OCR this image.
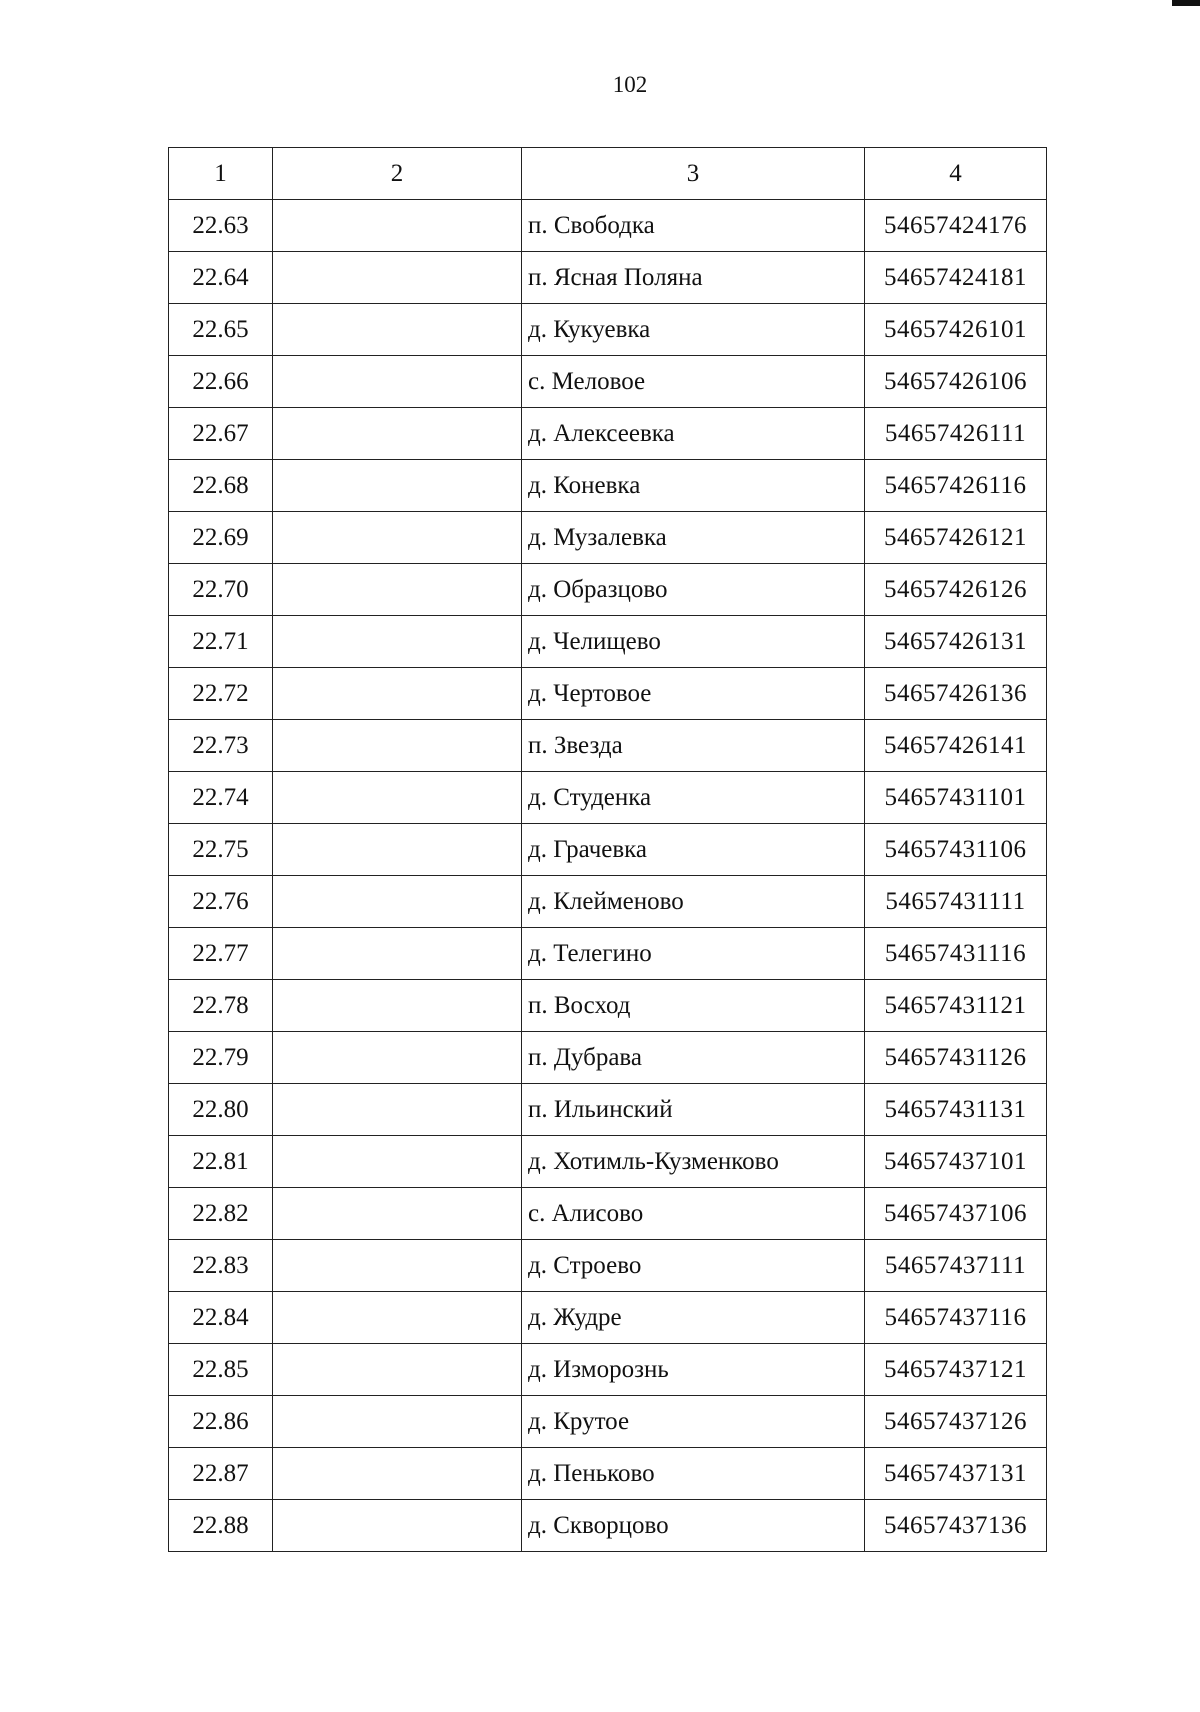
102
1	2	3	4
22.63		п. Свободка	54657424176
22.64		п. Ясная Поляна	54657424181
22.65		д. Кукуевка	54657426101
22.66		с. Меловое	54657426106
22.67		д. Алексеевка	54657426111
22.68		д. Коневка	54657426116
22.69		д. Музалевка	54657426121
22.70		д. Образцово	54657426126
22.71		д. Челищево	54657426131
22.72		д. Чертовое	54657426136
22.73		п. Звезда	54657426141
22.74		д. Студенка	54657431101
22.75		д. Грачевка	54657431106
22.76		д. Клейменово	54657431111
22.77		д. Телегино	54657431116
22.78		п. Восход	54657431121
22.79		п. Дубрава	54657431126
22.80		п. Ильинский	54657431131
22.81		д. Хотимль-Кузменково	54657437101
22.82		с. Алисово	54657437106
22.83		д. Строево	54657437111
22.84		д. Жудре	54657437116
22.85		д. Изморознь	54657437121
22.86		д. Крутое	54657437126
22.87		д. Пеньково	54657437131
22.88		д. Скворцово	54657437136
